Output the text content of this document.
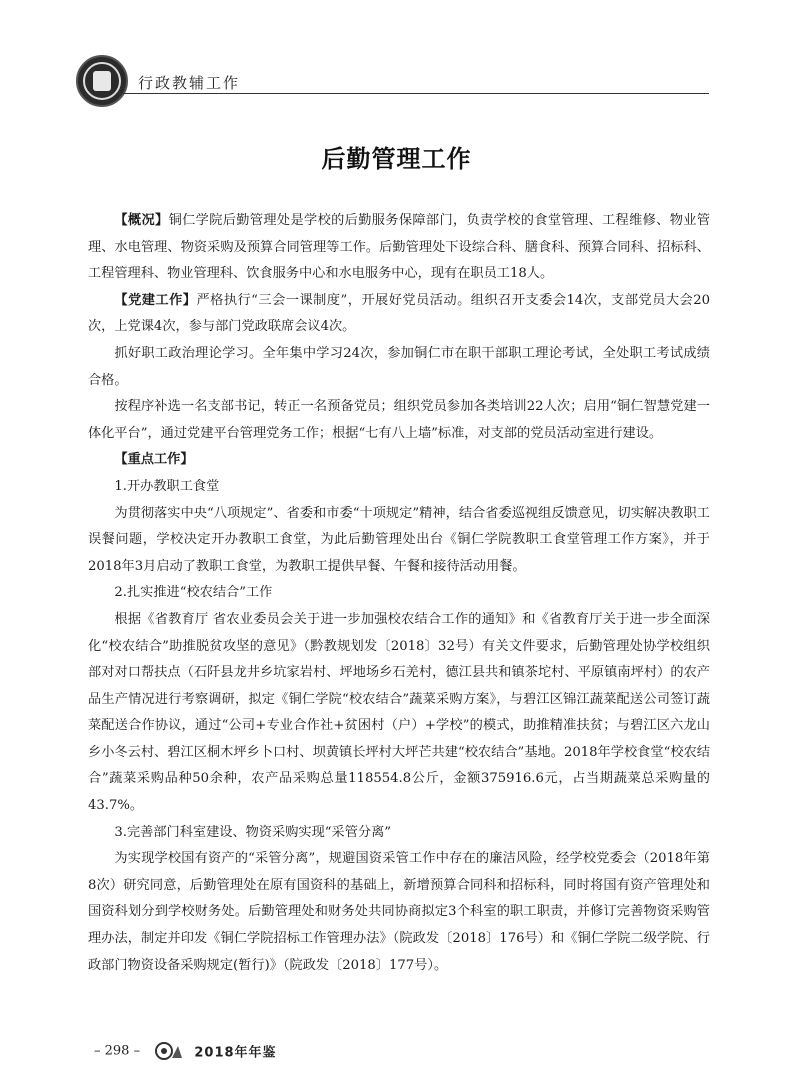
行政教辅工作
后勤管理工作

【概况】铜仁学院后勤管理处是学校的后勤服务保障部门，负责学校的食堂管理、工程维修、物业管理、水电管理、物资采购及预算合同管理等工作。后勤管理处下设综合科、膳食科、预算合同科、招标科、工程管理科、物业管理科、饮食服务中心和水电服务中心，现有在职员工18人。

【党建工作】严格执行“三会一课制度”，开展好党员活动。组织召开支委会14次，支部党员大会20次，上党课4次，参与部门党政联席会议4次。

抓好职工政治理论学习。全年集中学习24次，参加铜仁市在职干部职工理论考试，全处职工考试成绩合格。

按程序补选一名支部书记，转正一名预备党员；组织党员参加各类培训22人次；启用“铜仁智慧党建一体化平台”，通过党建平台管理党务工作；根据“七有八上墙”标准，对支部的党员活动室进行建设。

【重点工作】

1.开办教职工食堂

为贯彻落实中央“八项规定”、省委和市委“十项规定”精神，结合省委巡视组反馈意见，切实解决教职工误餐问题，学校决定开办教职工食堂，为此后勤管理处出台《铜仁学院教职工食堂管理工作方案》，并于2018年3月启动了教职工食堂，为教职工提供早餐、午餐和接待活动用餐。

2.扎实推进“校农结合”工作

根据《省教育厅 省农业委员会关于进一步加强校农结合工作的通知》和《省教育厅关于进一步全面深化“校农结合”助推脱贫攻坚的意见》（黔教规划发〔2018〕32号）有关文件要求，后勤管理处协学校组织部对对口帮扶点（石阡县龙井乡坑家岩村、坪地场乡石羌村，德江县共和镇茶坨村、平原镇南坪村）的农产品生产情况进行考察调研，拟定《铜仁学院“校农结合”蔬菜采购方案》，与碧江区锦江蔬菜配送公司签订蔬菜配送合作协议，通过“公司+专业合作社+贫困村（户）+学校”的模式，助推精准扶贫；与碧江区六龙山乡小冬云村、碧江区桐木坪乡卜口村、坝黄镇长坪村大坪芒共建“校农结合”基地。2018年学校食堂“校农结合”蔬菜采购品种50余种，农产品采购总量118554.8公斤，金额375916.6元，占当期蔬菜总采购量的43.7%。

3.完善部门科室建设、物资采购实现“采管分离”

为实现学校国有资产的“采管分离”，规避国资采管工作中存在的廉洁风险，经学校党委会（2018年第8次）研究同意，后勤管理处在原有国资科的基础上，新增预算合同科和招标科，同时将国有资产管理处和国资科划分到学校财务处。后勤管理处和财务处共同协商拟定3个科室的职工职责，并修订完善物资采购管理办法，制定并印发《铜仁学院招标工作管理办法》（院政发〔2018〕176号）和《铜仁学院二级学院、行政部门物资设备采购规定(暂行)》（院政发〔2018〕177号）。

– 298 –	2018年年鉴
